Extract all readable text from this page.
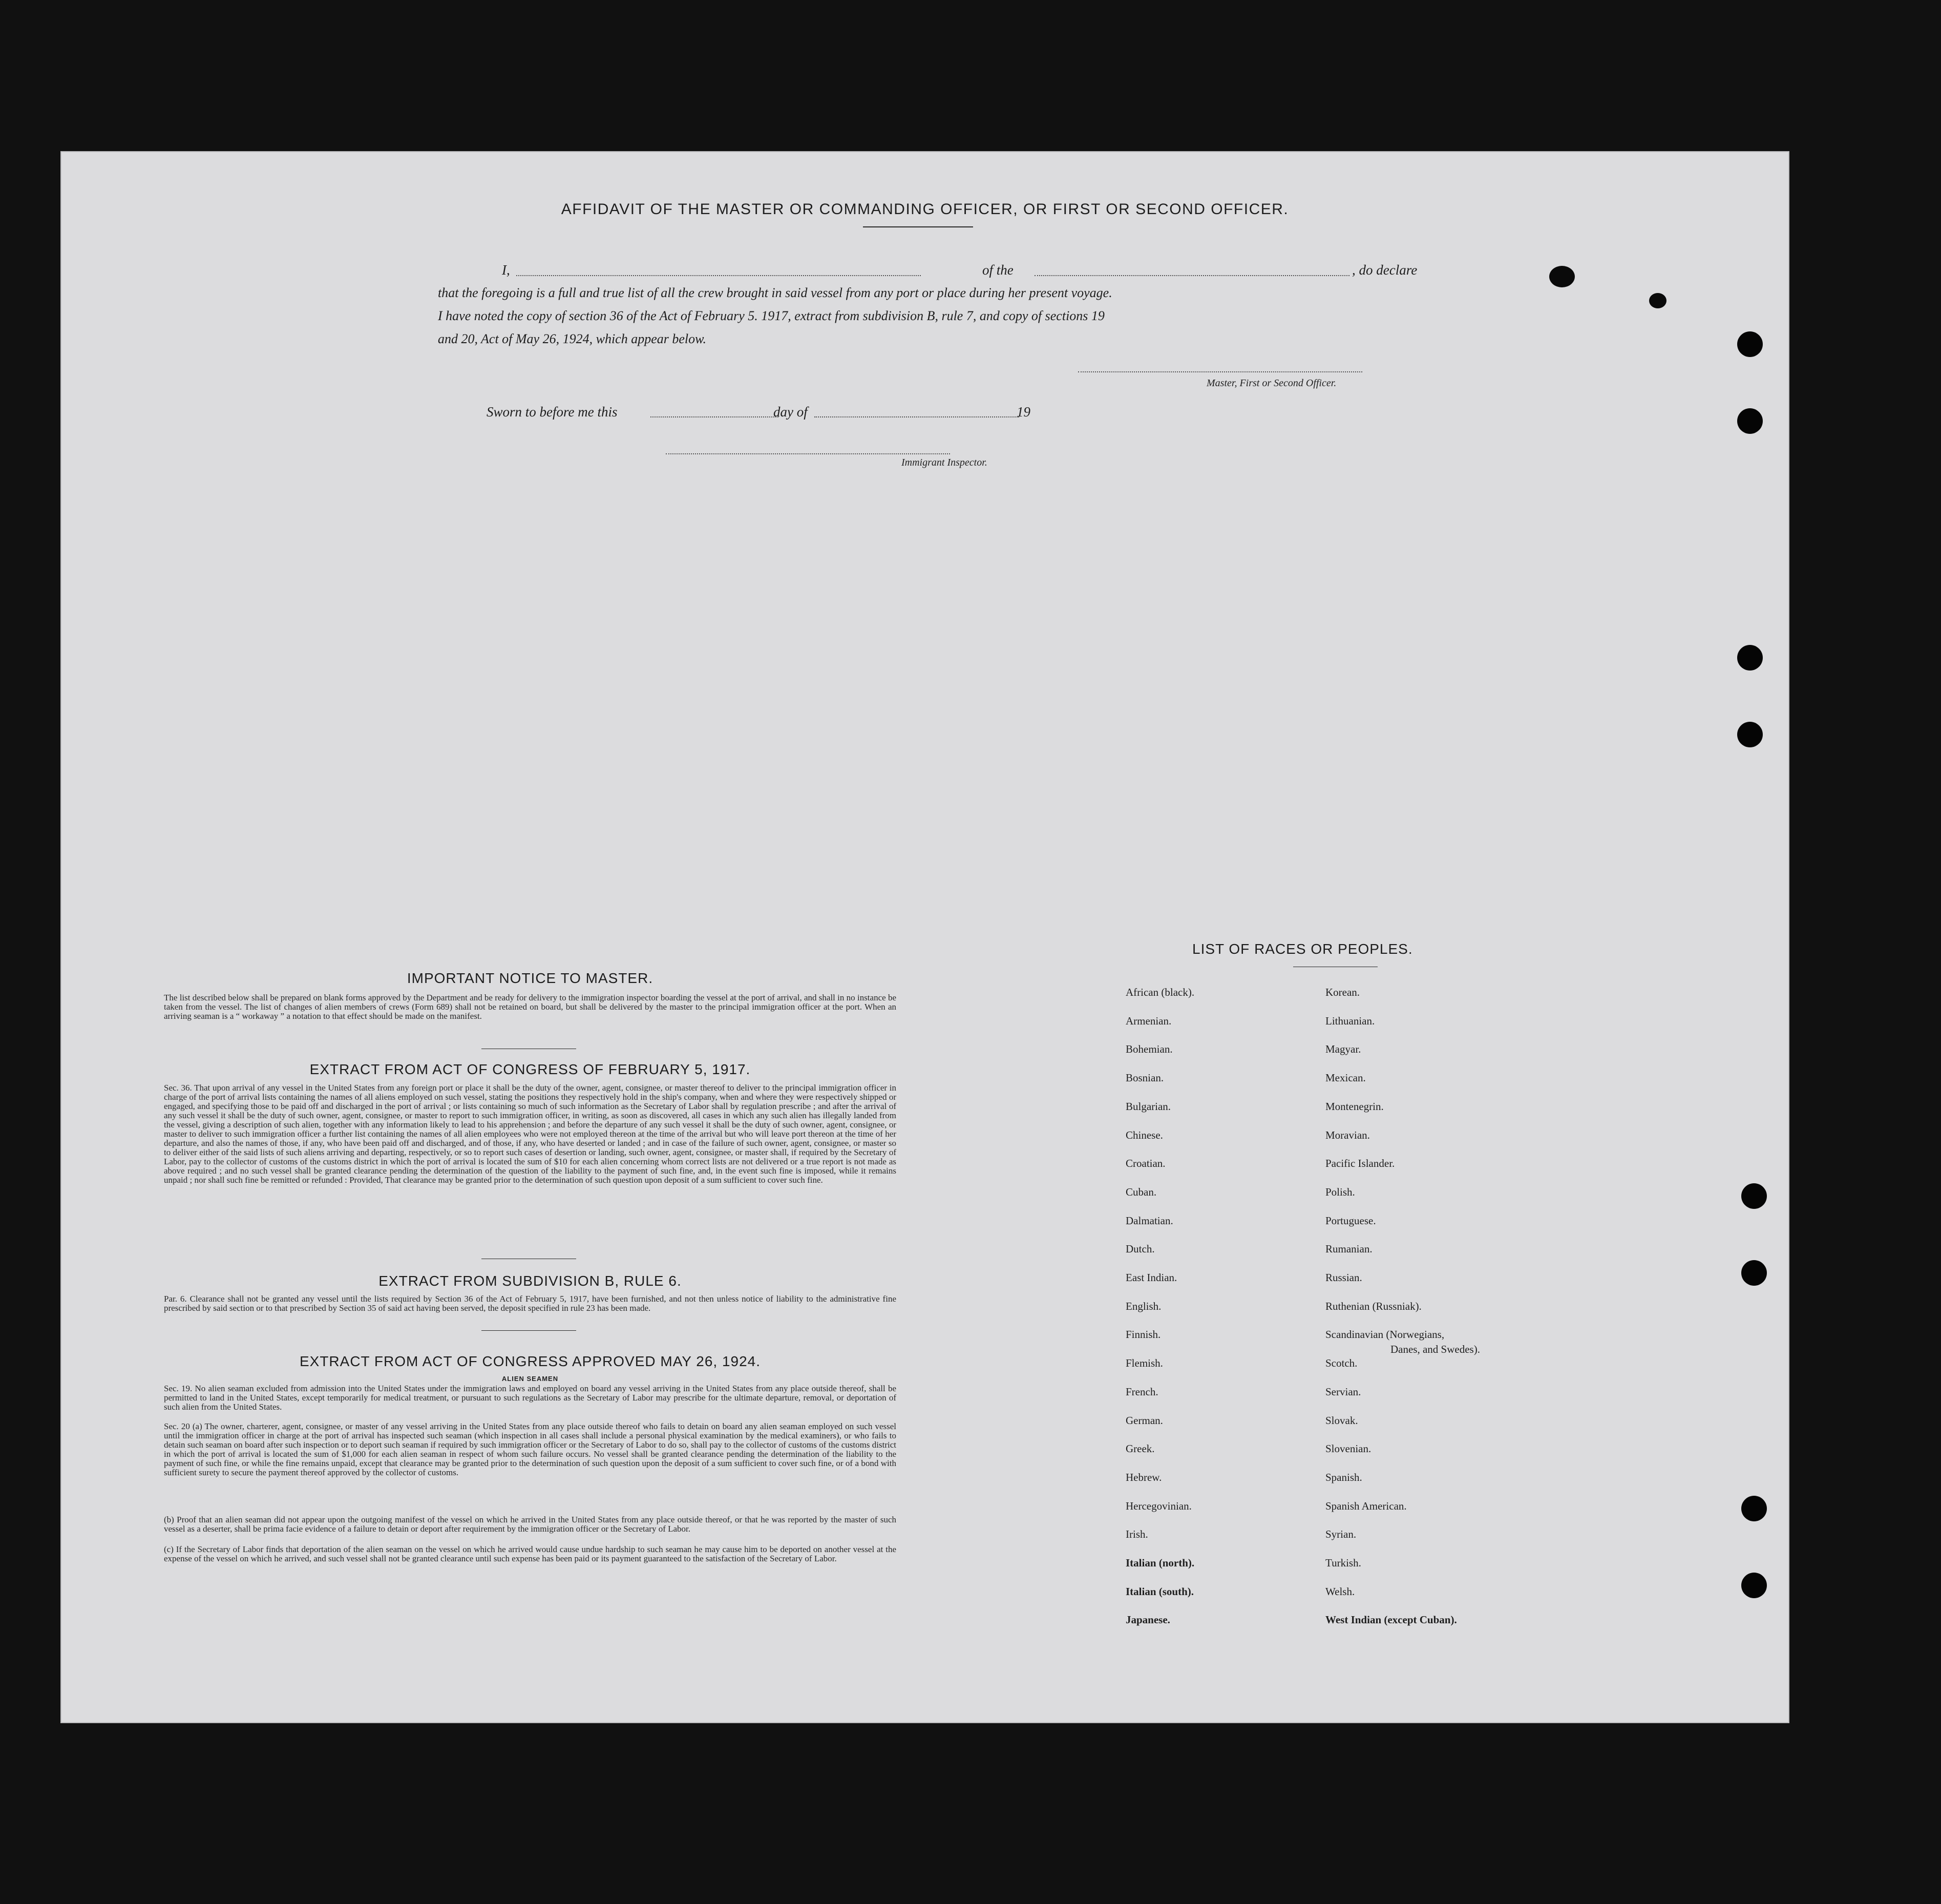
AFFIDAVIT OF THE MASTER OR COMMANDING OFFICER, OR FIRST OR SECOND OFFICER.
I,	of the	, do declare
that the foregoing is a full and true list of all the crew brought in said vessel from any port or place during her present voyage.
I have noted the copy of section 36 of the Act of February 5. 1917, extract from subdivision B, rule 7, and copy of sections 19
and 20, Act of May 26, 1924, which appear below.
Master, First or Second Officer.
Sworn to before me this	day of	19
Immigrant Inspector.
IMPORTANT NOTICE TO MASTER.
The list described below shall be prepared on blank forms approved by the Department and be ready for delivery to the immigration inspector boarding the vessel at the port of arrival, and shall in no instance be taken from the vessel. The list of changes of alien members of crews (Form 689) shall not be retained on board, but shall be delivered by the master to the principal immigration officer at the port. When an arriving seaman is a “ workaway ” a notation to that effect should be made on the manifest.
EXTRACT FROM ACT OF CONGRESS OF FEBRUARY 5, 1917.
Sec. 36. That upon arrival of any vessel in the United States from any foreign port or place it shall be the duty of the owner, agent, consignee, or master thereof to deliver to the principal immigration officer in charge of the port of arrival lists containing the names of all aliens employed on such vessel, stating the positions they respectively hold in the ship's company, when and where they were respectively shipped or engaged, and specifying those to be paid off and discharged in the port of arrival ; or lists containing so much of such information as the Secretary of Labor shall by regulation prescribe ; and after the arrival of any such vessel it shall be the duty of such owner, agent, consignee, or master to report to such immigration officer, in writing, as soon as discovered, all cases in which any such alien has illegally landed from the vessel, giving a description of such alien, together with any information likely to lead to his apprehension ; and before the departure of any such vessel it shall be the duty of such owner, agent, consignee, or master to deliver to such immigration officer a further list containing the names of all alien employees who were not employed thereon at the time of the arrival but who will leave port thereon at the time of her departure, and also the names of those, if any, who have been paid off and discharged, and of those, if any, who have deserted or landed ; and in case of the failure of such owner, agent, consignee, or master so to deliver either of the said lists of such aliens arriving and departing, respectively, or so to report such cases of desertion or landing, such owner, agent, consignee, or master shall, if required by the Secretary of Labor, pay to the collector of customs of the customs district in which the port of arrival is located the sum of $10 for each alien concerning whom correct lists are not delivered or a true report is not made as above required ; and no such vessel shall be granted clearance pending the determination of the question of the liability to the payment of such fine, and, in the event such fine is imposed, while it remains unpaid ; nor shall such fine be remitted or refunded : Provided, That clearance may be granted prior to the determination of such question upon deposit of a sum sufficient to cover such fine.
EXTRACT FROM SUBDIVISION B, RULE 6.
Par. 6. Clearance shall not be granted any vessel until the lists required by Section 36 of the Act of February 5, 1917, have been furnished, and not then unless notice of liability to the administrative fine prescribed by said section or to that prescribed by Section 35 of said act having been served, the deposit specified in rule 23 has been made.
EXTRACT FROM ACT OF CONGRESS APPROVED MAY 26, 1924.
ALIEN SEAMEN
Sec. 19. No alien seaman excluded from admission into the United States under the immigration laws and employed on board any vessel arriving in the United States from any place outside thereof, shall be permitted to land in the United States, except temporarily for medical treatment, or pursuant to such regulations as the Secretary of Labor may prescribe for the ultimate departure, removal, or deportation of such alien from the United States.
Sec. 20 (a) The owner, charterer, agent, consignee, or master of any vessel arriving in the United States from any place outside thereof who fails to detain on board any alien seaman employed on such vessel until the immigration officer in charge at the port of arrival has inspected such seaman (which inspection in all cases shall include a personal physical examination by the medical examiners), or who fails to detain such seaman on board after such inspection or to deport such seaman if required by such immigration officer or the Secretary of Labor to do so, shall pay to the collector of customs of the customs district in which the port of arrival is located the sum of $1,000 for each alien seaman in respect of whom such failure occurs. No vessel shall be granted clearance pending the determination of the liability to the payment of such fine, or while the fine remains unpaid, except that clearance may be granted prior to the determination of such question upon the deposit of a sum sufficient to cover such fine, or of a bond with sufficient surety to secure the payment thereof approved by the collector of customs.
(b) Proof that an alien seaman did not appear upon the outgoing manifest of the vessel on which he arrived in the United States from any place outside thereof, or that he was reported by the master of such vessel as a deserter, shall be prima facie evidence of a failure to detain or deport after requirement by the immigration officer or the Secretary of Labor.
(c) If the Secretary of Labor finds that deportation of the alien seaman on the vessel on which he arrived would cause undue hardship to such seaman he may cause him to be deported on another vessel at the expense of the vessel on which he arrived, and such vessel shall not be granted clearance until such expense has been paid or its payment guaranteed to the satisfaction of the Secretary of Labor.
LIST OF RACES OR PEOPLES.
Danes, and Swedes).
African (black).
Armenian.
Bohemian.
Bosnian.
Bulgarian.
Chinese.
Croatian.
Cuban.
Dalmatian.
Dutch.
East Indian.
English.
Finnish.
Flemish.
French.
German.
Greek.
Hebrew.
Hercegovinian.
Irish.
Italian (north).
Italian (south).
Japanese.
Korean.
Lithuanian.
Magyar.
Mexican.
Montenegrin.
Moravian.
Pacific Islander.
Polish.
Portuguese.
Rumanian.
Russian.
Ruthenian (Russniak).
Scandinavian (Norwegians,
Scotch.
Servian.
Slovak.
Slovenian.
Spanish.
Spanish American.
Syrian.
Turkish.
Welsh.
West Indian (except Cuban).
